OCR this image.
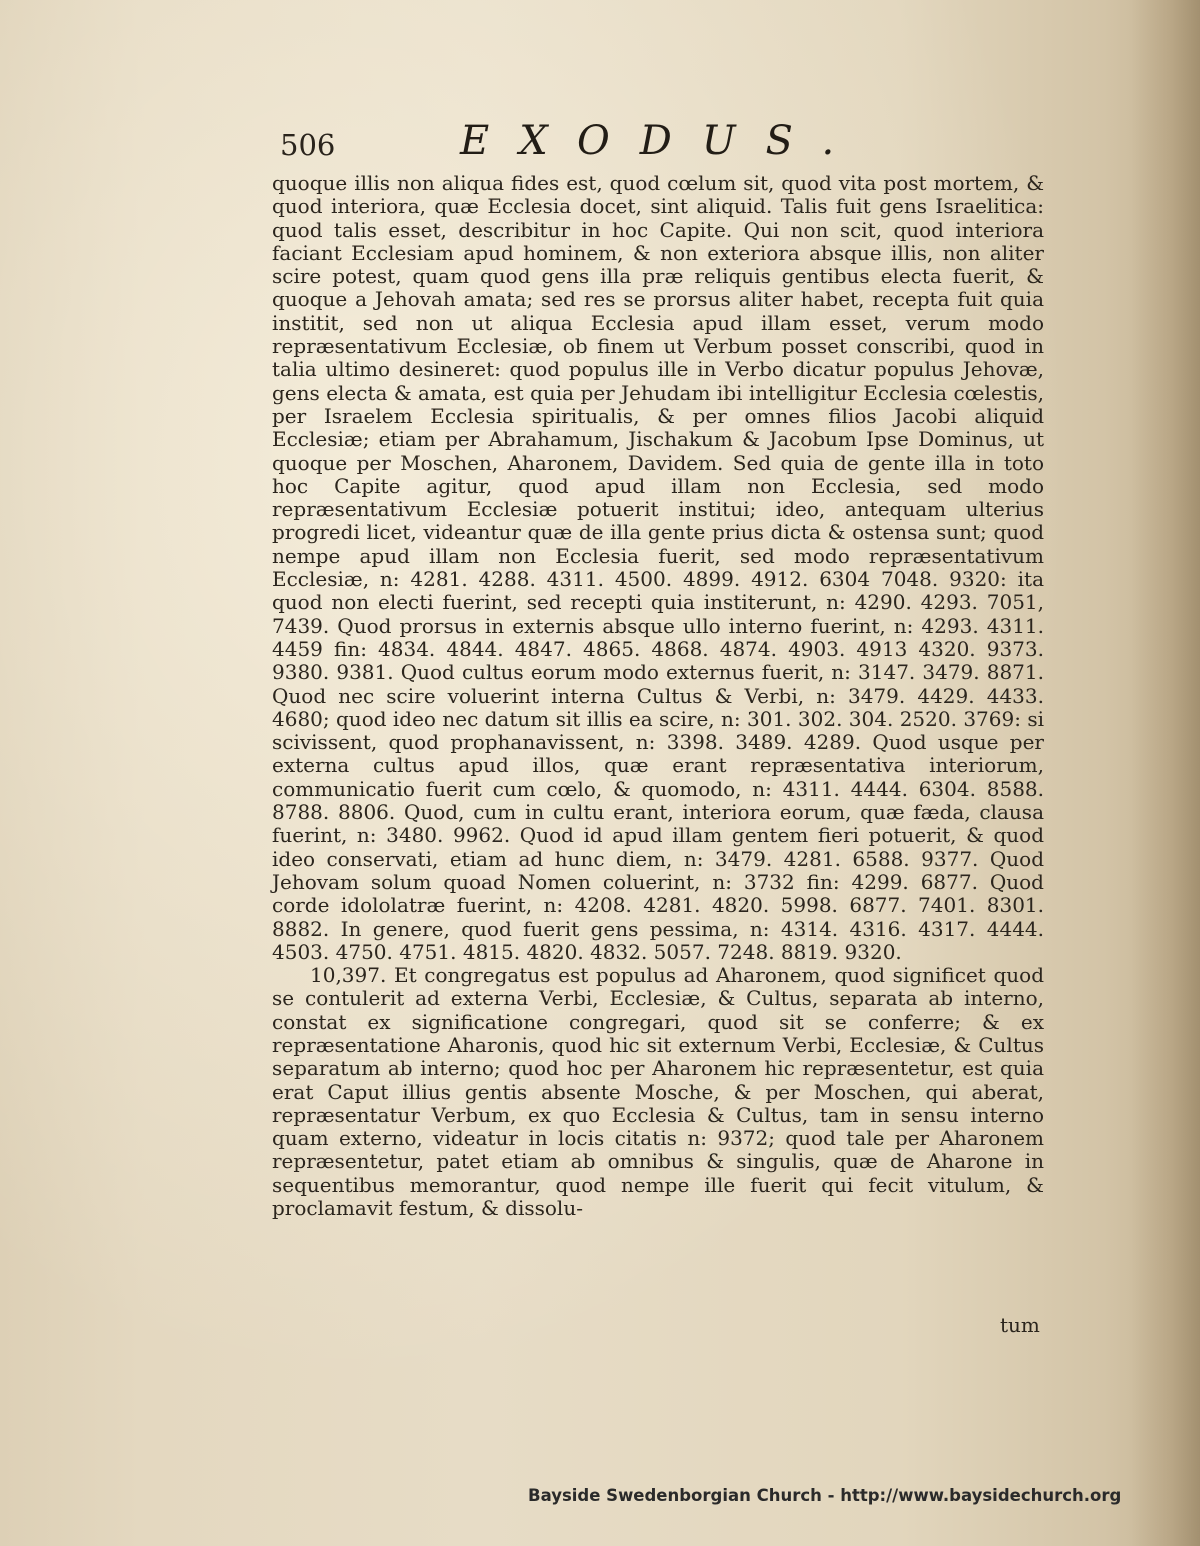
506	EXODUS.

quoque illis non aliqua fides est, quod cœlum sit, quod vita post mortem, & quod interiora, quæ Ecclesia docet, sint aliquid. Talis fuit gens Israelitica: quod talis esset, describitur in hoc Capite. Qui non scit, quod interiora faciant Ecclesiam apud hominem, & non exteriora absque illis, non aliter scire potest, quam quod gens illa præ reliquis gentibus electa fuerit, & quoque a Jehovah amata; sed res se prorsus aliter habet, recepta fuit quia institit, sed non ut aliqua Ecclesia apud illam esset, verum modo repræsentativum Ecclesiæ, ob finem ut Verbum posset conscribi, quod in talia ultimo desineret: quod populus ille in Verbo dicatur populus Jehovæ, gens electa & amata, est quia per Jehudam ibi intelligitur Ecclesia cœlestis, per Israelem Ecclesia spiritualis, & per omnes filios Jacobi aliquid Ecclesiæ; etiam per Abrahamum, Jischakum & Jacobum Ipse Dominus, ut quoque per Moschen, Aharonem, Davidem. Sed quia de gente illa in toto hoc Capite agitur, quod apud illam non Ecclesia, sed modo repræsentativum Ecclesiæ potuerit institui; ideo, antequam ulterius progredi licet, videantur quæ de illa gente prius dicta & ostensa sunt; quod nempe apud illam non Ecclesia fuerit, sed modo repræsentativum Ecclesiæ, n: 4281. 4288. 4311. 4500. 4899. 4912. 6304 7048. 9320: ita quod non electi fuerint, sed recepti quia institerunt, n: 4290. 4293. 7051, 7439. Quod prorsus in externis absque ullo interno fuerint, n: 4293. 4311. 4459 fin: 4834. 4844. 4847. 4865. 4868. 4874. 4903. 4913 4320. 9373. 9380. 9381. Quod cultus eorum modo externus fuerit, n: 3147. 3479. 8871. Quod nec scire voluerint interna Cultus & Verbi, n: 3479. 4429. 4433. 4680; quod ideo nec datum sit illis ea scire, n: 301. 302. 304. 2520. 3769: si scivissent, quod prophanavissent, n: 3398. 3489. 4289. Quod usque per externa cultus apud illos, quæ erant repræsentativa interiorum, communicatio fuerit cum cœlo, & quomodo, n: 4311. 4444. 6304. 8588. 8788. 8806. Quod, cum in cultu erant, interiora eorum, quæ fæda, clausa fuerint, n: 3480. 9962. Quod id apud illam gentem fieri potuerit, & quod ideo conservati, etiam ad hunc diem, n: 3479. 4281. 6588. 9377. Quod Jehovam solum quoad Nomen coluerint, n: 3732 fin: 4299. 6877. Quod corde idololatræ fuerint, n: 4208. 4281. 4820. 5998. 6877. 7401. 8301. 8882. In genere, quod fuerit gens pessima, n: 4314. 4316. 4317. 4444. 4503. 4750. 4751. 4815. 4820. 4832. 5057. 7248. 8819. 9320.

10,397. Et congregatus est populus ad Aharonem, quod significet quod se contulerit ad externa Verbi, Ecclesiæ, & Cultus, separata ab interno, constat ex significatione congregari, quod sit se conferre; & ex repræsentatione Aharonis, quod hic sit externum Verbi, Ecclesiæ, & Cultus separatum ab interno; quod hoc per Aharonem hic repræsentetur, est quia erat Caput illius gentis absente Mosche, & per Moschen, qui aberat, repræsentatur Verbum, ex quo Ecclesia & Cultus, tam in sensu interno quam externo, videatur in locis citatis n: 9372; quod tale per Aharonem repræsentetur, patet etiam ab omnibus & singulis, quæ de Aharone in sequentibus memorantur, quod nempe ille fuerit qui fecit vitulum, & proclamavit festum, & dissolu-

tum
Bayside Swedenborgian Church - http://www.baysidechurch.org
